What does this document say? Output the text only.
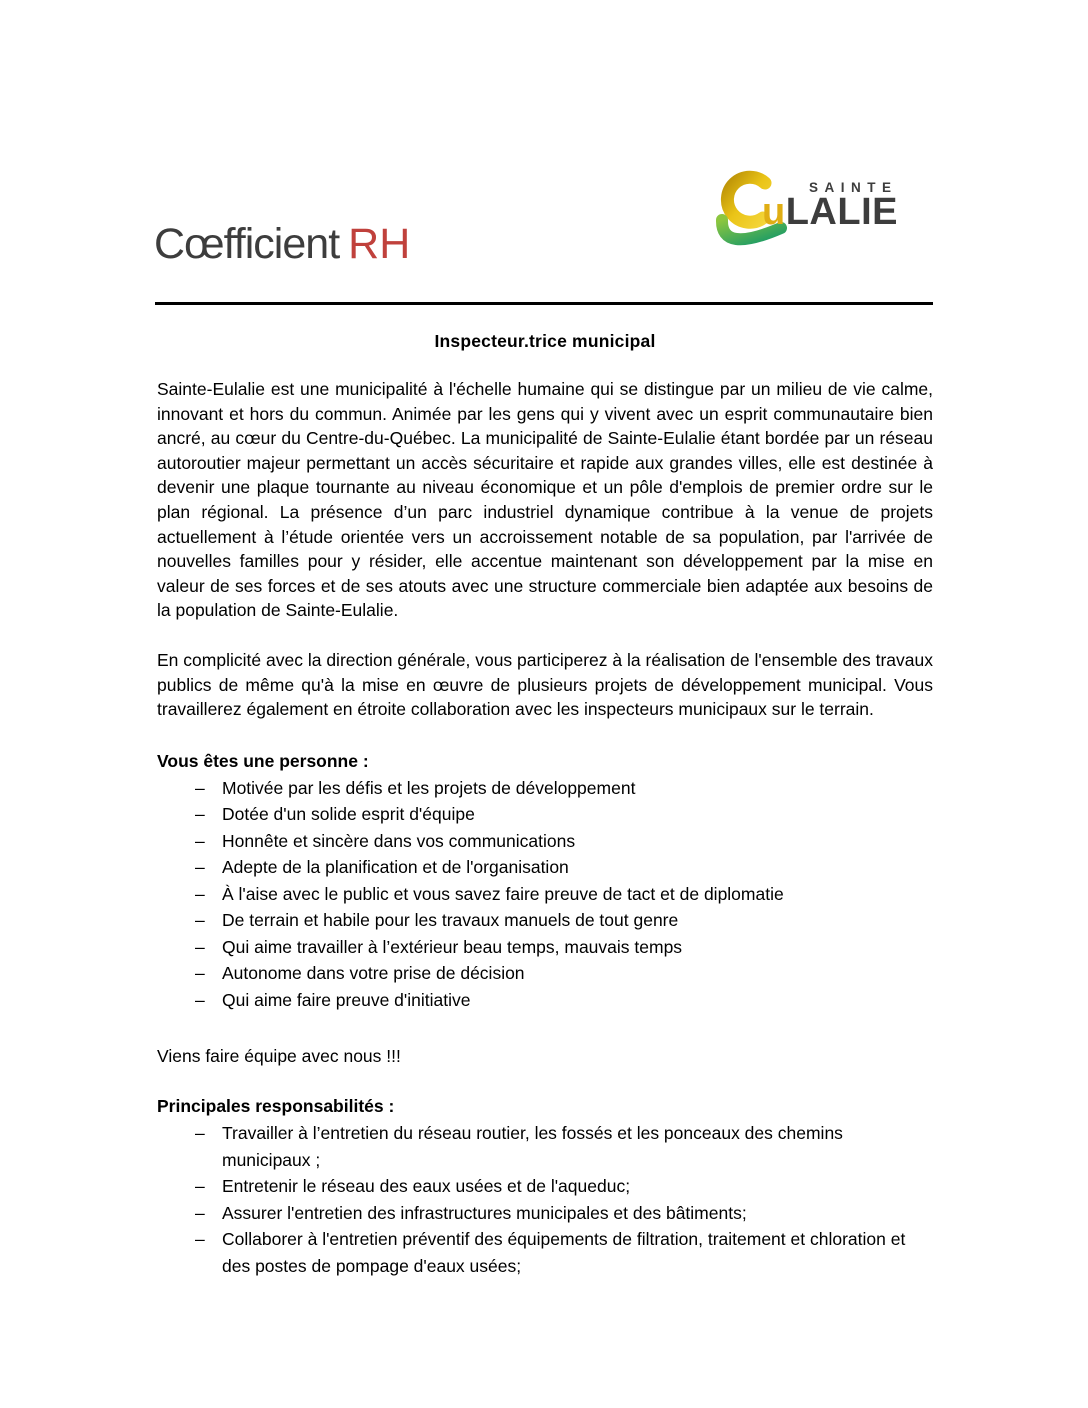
Cœfficient RH
SAINTE
uLALIE
Inspecteur.trice municipal

Sainte-Eulalie est une municipalité à l'échelle humaine qui se distingue par un milieu de vie calme, innovant et hors du commun. Animée par les gens qui y vivent avec un esprit communautaire bien ancré, au cœur du Centre-du-Québec. La municipalité de Sainte-Eulalie étant bordée par un réseau autoroutier majeur permettant un accès sécuritaire et rapide aux grandes villes, elle est destinée à devenir une plaque tournante au niveau économique et un pôle d'emplois de premier ordre sur le plan régional. La présence d’un parc industriel dynamique contribue à la venue de projets actuellement à l’étude orientée vers un accroissement notable de sa population, par l'arrivée de nouvelles familles pour y résider, elle accentue maintenant son développement par la mise en valeur de ses forces et de ses atouts avec une structure commerciale bien adaptée aux besoins de la population de Sainte-Eulalie.

En complicité avec la direction générale, vous participerez à la réalisation de l'ensemble des travaux publics de même qu'à la mise en œuvre de plusieurs projets de développement municipal. Vous travaillerez également en étroite collaboration avec les inspecteurs municipaux sur le terrain.

Vous êtes une personne :
– Motivée par les défis et les projets de développement
– Dotée d'un solide esprit d'équipe
– Honnête et sincère dans vos communications
– Adepte de la planification et de l'organisation
– À l'aise avec le public et vous savez faire preuve de tact et de diplomatie
– De terrain et habile pour les travaux manuels de tout genre
– Qui aime travailler à l’extérieur beau temps, mauvais temps
– Autonome dans votre prise de décision
– Qui aime faire preuve d'initiative

Viens faire équipe avec nous !!!

Principales responsabilités :
– Travailler à l’entretien du réseau routier, les fossés et les ponceaux des chemins municipaux ;
– Entretenir le réseau des eaux usées et de l'aqueduc;
– Assurer l'entretien des infrastructures municipales et des bâtiments;
– Collaborer à l'entretien préventif des équipements de filtration, traitement et chloration et des postes de pompage d'eaux usées;
